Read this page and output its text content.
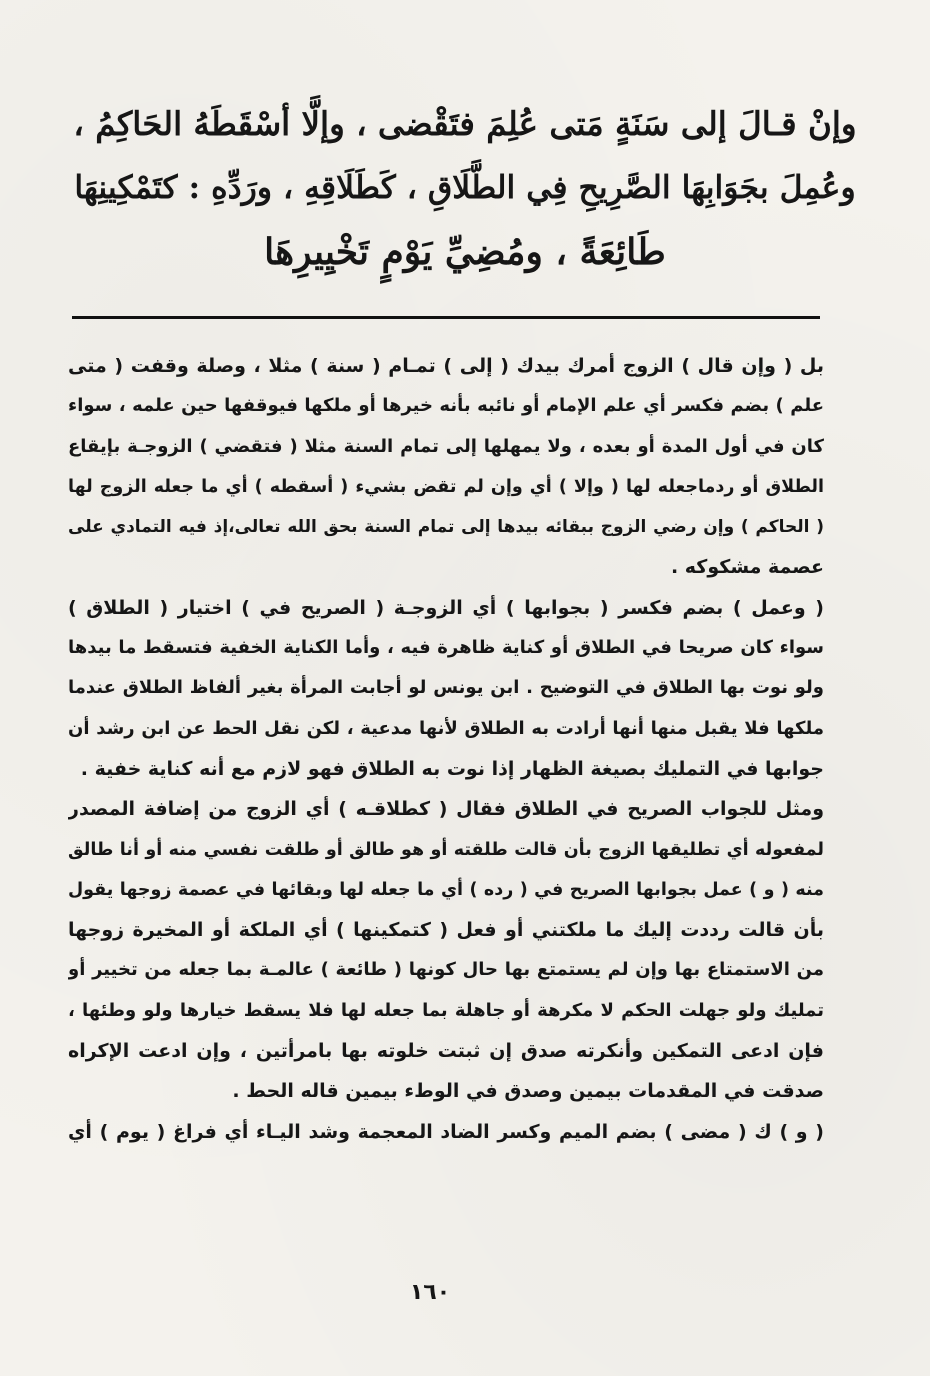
وإنْ قـالَ إلى سَنَةٍ مَتى عُلِمَ فتَقْضى ، وإلَّا أسْقَطَهُ الحَاكِمُ ،
وعُمِلَ بجَوَابِهَا الصَّرِيحِ فِي الطَّلَاقِ ، كَطَلَاقِهِ ، ورَدِّهِ : كتَمْكِينِهَا
طَائِعَةً ، ومُضِيِّ يَوْمٍ تَخْيِيرِهَا
بل ( وإن قال ) الزوج أمرك بيدك ( إلى ) تمـام ( سنة ) مثلا ، وصلة وقفت ( متى
علم ) بضم فكسر أي علم الإمام أو نائبه بأنه خيرها أو ملكها فيوقفها حين علمه ، سواء
كان في أول المدة أو بعده ، ولا يمهلها إلى تمام السنة مثلا ( فتقضي ) الزوجـة بإيقاع
الطلاق أو ردماجعله لها ( وإلا ) أي وإن لم تقض بشيء ( أسقطه ) أي ما جعله الزوج لها
( الحاكم ) وإن رضي الزوج ببقائه بيدها إلى تمام السنة بحق الله تعالى،إذ فيه التمادي على
عصمة مشكوكه .
( وعمل ) بضم فكسر ( بجوابها ) أي الزوجـة ( الصريح في ) اختيار ( الطلاق )
سواء كان صريحا في الطلاق أو كناية ظاهرة فيه ، وأما الكناية الخفية فتسقط ما بيدها
ولو نوت بها الطلاق في التوضيح . ابن يونس لو أجابت المرأة بغير ألفاظ الطلاق عندما
ملكها فلا يقبل منها أنها أرادت به الطلاق لأنها مدعية ، لكن نقل الحط عن ابن رشد أن
جوابها في التمليك بصيغة الظهار إذا نوت به الطلاق فهو لازم مع أنه كناية خفية .
ومثل للجواب الصريح في الطلاق فقال ( كطلاقـه ) أي الزوج من إضافة المصدر
لمفعوله أي تطليقها الزوج بأن قالت طلقته أو هو طالق أو طلقت نفسي منه أو أنا طالق
منه ( و ) عمل بجوابها الصريح في ( رده ) أي ما جعله لها وبقائها في عصمة زوجها يقول
بأن قالت رددت إليك ما ملكتني أو فعل ( كتمكينها ) أي الملكة أو المخيرة زوجها
من الاستمتاع بها وإن لم يستمتع بها حال كونها ( طائعة ) عالمـة بما جعله من تخيير أو
تمليك ولو جهلت الحكم لا مكرهة أو جاهلة بما جعله لها فلا يسقط خيارها ولو وطئها ،
فإن ادعى التمكين وأنكرته صدق إن ثبتت خلوته بها بامرأتين ، وإن ادعت الإكراه
صدقت في المقدمات بيمين وصدق في الوطء بيمين قاله الحط .
( و ) ك ( مضى ) بضم الميم وكسر الضاد المعجمة وشد اليـاء أي فراغ ( يوم ) أي
١٦٠
